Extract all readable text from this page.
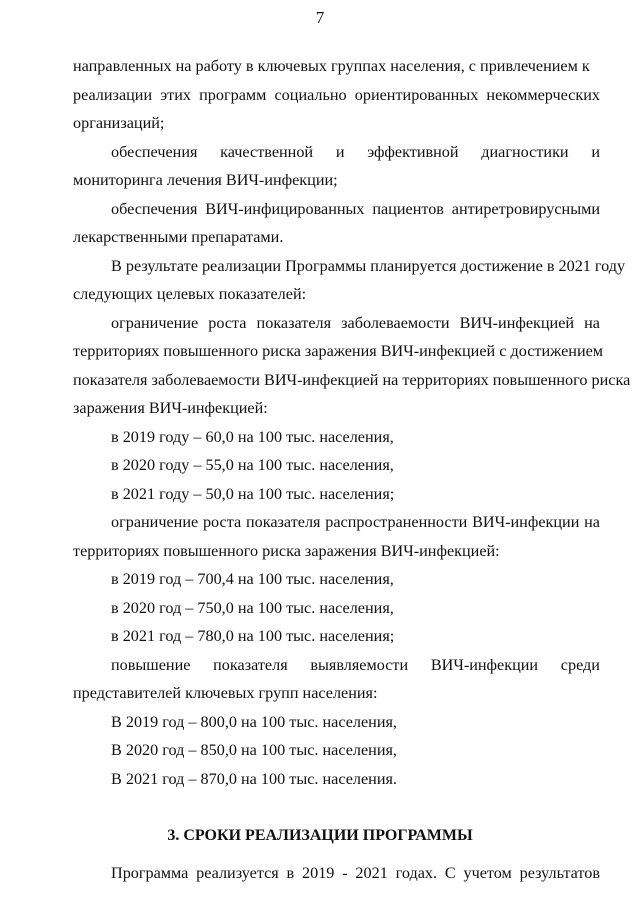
7
направленных на работу в ключевых группах населения, с привлечением к
реализации этих программ социально ориентированных некоммерческих
организаций;
обеспечения качественной и эффективной диагностики и
мониторинга лечения ВИЧ-инфекции;
обеспечения ВИЧ-инфицированных пациентов антиретровирусными
лекарственными препаратами.
В результате реализации Программы планируется достижение в 2021 году
следующих целевых показателей:
ограничение роста показателя заболеваемости ВИЧ-инфекцией на
территориях повышенного риска заражения ВИЧ-инфекцией с достижением
показателя заболеваемости ВИЧ-инфекцией на территориях повышенного риска
заражения ВИЧ-инфекцией:
в 2019 году – 60,0 на 100 тыс. населения,
в 2020 году – 55,0 на 100 тыс. населения,
в 2021 году – 50,0 на 100 тыс. населения;
ограничение роста показателя распространенности ВИЧ-инфекции на
территориях повышенного риска заражения ВИЧ-инфекцией:
в 2019 год – 700,4 на 100 тыс. населения,
в 2020 год – 750,0 на 100 тыс. населения,
в 2021 год – 780,0 на 100 тыс. населения;
повышение показателя выявляемости ВИЧ-инфекции среди
представителей ключевых групп населения:
В 2019 год – 800,0 на 100 тыс. населения,
В 2020 год – 850,0 на 100 тыс. населения,
В 2021 год – 870,0 на 100 тыс. населения.
3. СРОКИ РЕАЛИЗАЦИИ ПРОГРАММЫ
Программа реализуется в 2019 - 2021 годах. С учетом результатов
